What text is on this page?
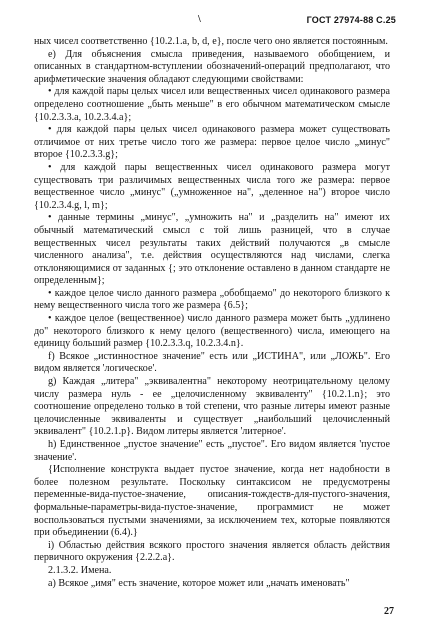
\	ГОСТ 27974-88 С.25

ных чисел соответственно {10.2.1.a, b, d, e}, после чего оно является постоянным.

e) Для объяснения смысла приведения, называемого обобщением, и описанных в стандартном-вступлении обозначений-операций предполагают, что арифметические значения обладают следующими свойствами:

• для каждой пары целых чисел или вещественных чисел одинакового размера определено соотношение „быть меньше" в его обычном математическом смысле {10.2.3.3.a, 10.2.3.4.a};

• для каждой пары целых чисел одинакового размера может существовать отличимое от них третье число того же размера: первое целое число „минус" второе {10.2.3.3.g};

• для каждой пары вещественных чисел одинакового размера могут существовать три различимых вещественных числа того же размера: первое вещественное число „минус" („умноженное на", „деленное на") второе число {10.2.3.4.g, l, m};

• данные термины „минус", „умножить на" и „разделить на" имеют их обычный математический смысл с той лишь разницей, что в случае вещественных чисел результаты таких действий получаются „в смысле численного анализа", т.е. действия осуществляются над числами, слегка отклоняющимися от заданных {; это отклонение оставлено в данном стандарте не определенным};

• каждое целое число данного размера „обобщаемо" до некоторого близкого к нему вещественного числа того же размера {6.5};

• каждое целое (вещественное) число данного размера может быть „удлинено до" некоторого близкого к нему целого (вещественного) числа, имеющего на единицу больший размер {10.2.3.3.q, 10.2.3.4.n}.

f) Всякое „истинностное значение" есть или „ИСТИНА", или „ЛОЖЬ". Его видом является 'логическое'.

g) Каждая „литера" „эквивалентна" некоторому неотрицательному целому числу размера нуль - ее „целочисленному эквиваленту" {10.2.1.n}; это соотношение определено только в той степени, что разные литеры имеют разные целочисленные эквиваленты и существует „наибольший целочисленный эквивалент" {10.2.1.p}. Видом литеры является 'литерное'.

h) Единственное „пустое значение" есть „пустое". Его видом является 'пустое значение'.

{Исполнение конструкта выдает пустое значение, когда нет надобности в более полезном результате. Поскольку синтаксисом не предусмотрены переменные-вида-пустое-значение, описания-тождеств-для-пустого-значения, формальные-параметры-вида-пустое-значение, программист не может воспользоваться пустыми значениями, за исключением тех, которые появляются при объединении (6.4).}

i) Областью действия всякого простого значения является область действия первичного окружения {2.2.2.a}.

2.1.3.2. Имена.

a) Всякое „имя" есть значение, которое может или „начать именовать"

27
